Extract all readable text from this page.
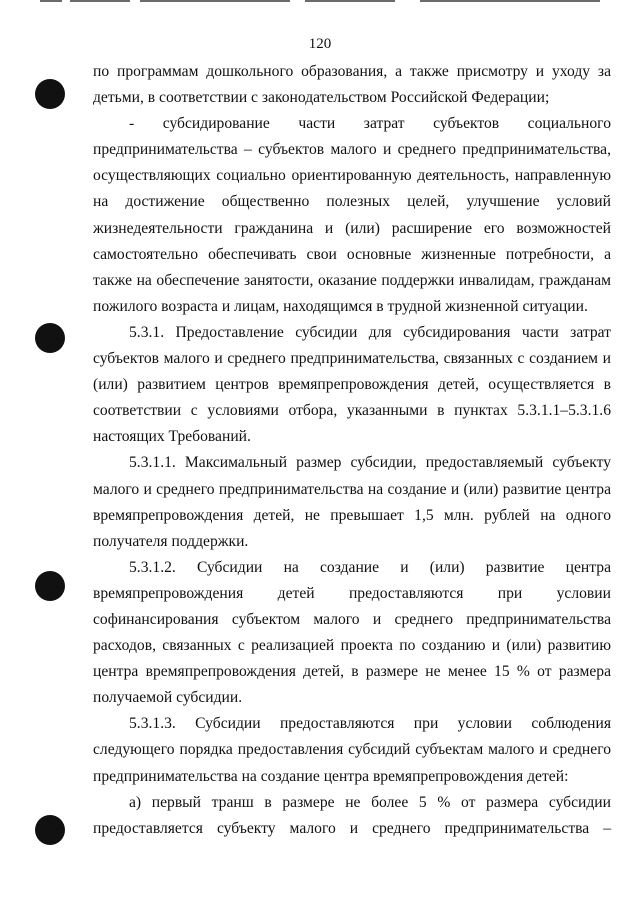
120

по программам дошкольного образования, а также присмотру и уходу за детьми, в соответствии с законодательством Российской Федерации;

- субсидирование части затрат субъектов социального предпринимательства – субъектов малого и среднего предпринимательства, осуществляющих социально ориентированную деятельность, направленную на достижение общественно полезных целей, улучшение условий жизнедеятельности гражданина и (или) расширение его возможностей самостоятельно обеспечивать свои основные жизненные потребности, а также на обеспечение занятости, оказание поддержки инвалидам, гражданам пожилого возраста и лицам, находящимся в трудной жизненной ситуации.

5.3.1. Предоставление субсидии для субсидирования части затрат субъектов малого и среднего предпринимательства, связанных с созданием и (или) развитием центров времяпрепровождения детей, осуществляется в соответствии с условиями отбора, указанными в пунктах 5.3.1.1–5.3.1.6 настоящих Требований.

5.3.1.1. Максимальный размер субсидии, предоставляемый субъекту малого и среднего предпринимательства на создание и (или) развитие центра времяпрепровождения детей, не превышает 1,5 млн. рублей на одного получателя поддержки.

5.3.1.2. Субсидии на создание и (или) развитие центра времяпрепровождения детей предоставляются при условии софинансирования субъектом малого и среднего предпринимательства расходов, связанных с реализацией проекта по созданию и (или) развитию центра времяпрепровождения детей, в размере не менее 15 % от размера получаемой субсидии.

5.3.1.3. Субсидии предоставляются при условии соблюдения следующего порядка предоставления субсидий субъектам малого и среднего предпринимательства на создание центра времяпрепровождения детей:

а) первый транш в размере не более 5 % от размера субсидии предоставляется субъекту малого и среднего предпринимательства –
